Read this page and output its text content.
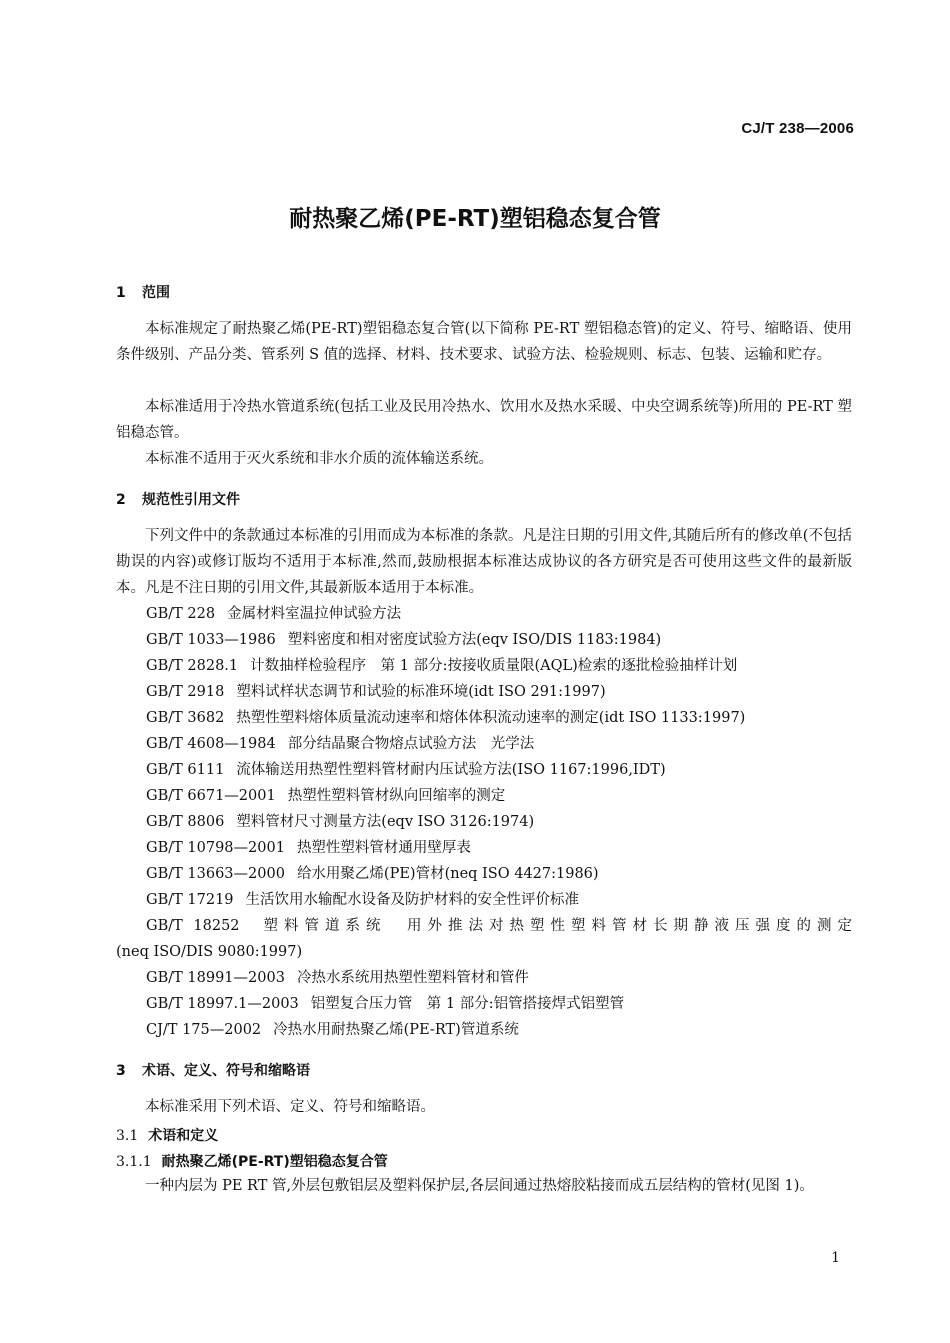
CJ/T 238—2006
耐热聚乙烯(PE-RT)塑铝稳态复合管
1 范围

本标准规定了耐热聚乙烯(PE-RT)塑铝稳态复合管(以下简称 PE-RT 塑铝稳态管)的定义、符号、缩略语、使用条件级别、产品分类、管系列 S 值的选择、材料、技术要求、试验方法、检验规则、标志、包装、运输和贮存。

本标准适用于冷热水管道系统(包括工业及民用冷热水、饮用水及热水采暖、中央空调系统等)所用的 PE-RT 塑铝稳态管。

本标准不适用于灭火系统和非水介质的流体输送系统。

2 规范性引用文件

下列文件中的条款通过本标准的引用而成为本标准的条款。凡是注日期的引用文件,其随后所有的修改单(不包括勘误的内容)或修订版均不适用于本标准,然而,鼓励根据本标准达成协议的各方研究是否可使用这些文件的最新版本。凡是不注日期的引用文件,其最新版本适用于本标准。

GB/T 228 金属材料室温拉伸试验方法
GB/T 1033—1986 塑料密度和相对密度试验方法(eqv ISO/DIS 1183:1984)
GB/T 2828.1 计数抽样检验程序　第 1 部分:按接收质量限(AQL)检索的逐批检验抽样计划
GB/T 2918 塑料试样状态调节和试验的标准环境(idt ISO 291:1997)
GB/T 3682 热塑性塑料熔体质量流动速率和熔体体积流动速率的测定(idt ISO 1133:1997)
GB/T 4608—1984 部分结晶聚合物熔点试验方法　光学法
GB/T 6111 流体输送用热塑性塑料管材耐内压试验方法(ISO 1167:1996,IDT)
GB/T 6671—2001 热塑性塑料管材纵向回缩率的测定
GB/T 8806 塑料管材尺寸测量方法(eqv ISO 3126:1974)
GB/T 10798—2001 热塑性塑料管材通用壁厚表
GB/T 13663—2000 给水用聚乙烯(PE)管材(neq ISO 4427:1986)
GB/T 17219 生活饮用水输配水设备及防护材料的安全性评价标准
GB/T 18252 塑料管道系统　用外推法对热塑性塑料管材长期静液压强度的测定
(neq ISO/DIS 9080:1997)
GB/T 18991—2003 冷热水系统用热塑性塑料管材和管件
GB/T 18997.1—2003 铝塑复合压力管　第 1 部分:铝管搭接焊式铝塑管
CJ/T 175—2002 冷热水用耐热聚乙烯(PE-RT)管道系统
3 术语、定义、符号和缩略语

本标准采用下列术语、定义、符号和缩略语。

3.1 术语和定义
3.1.1 耐热聚乙烯(PE-RT)塑铝稳态复合管

一种内层为 PE RT 管,外层包敷铝层及塑料保护层,各层间通过热熔胶粘接而成五层结构的管材(见图 1)。

1
